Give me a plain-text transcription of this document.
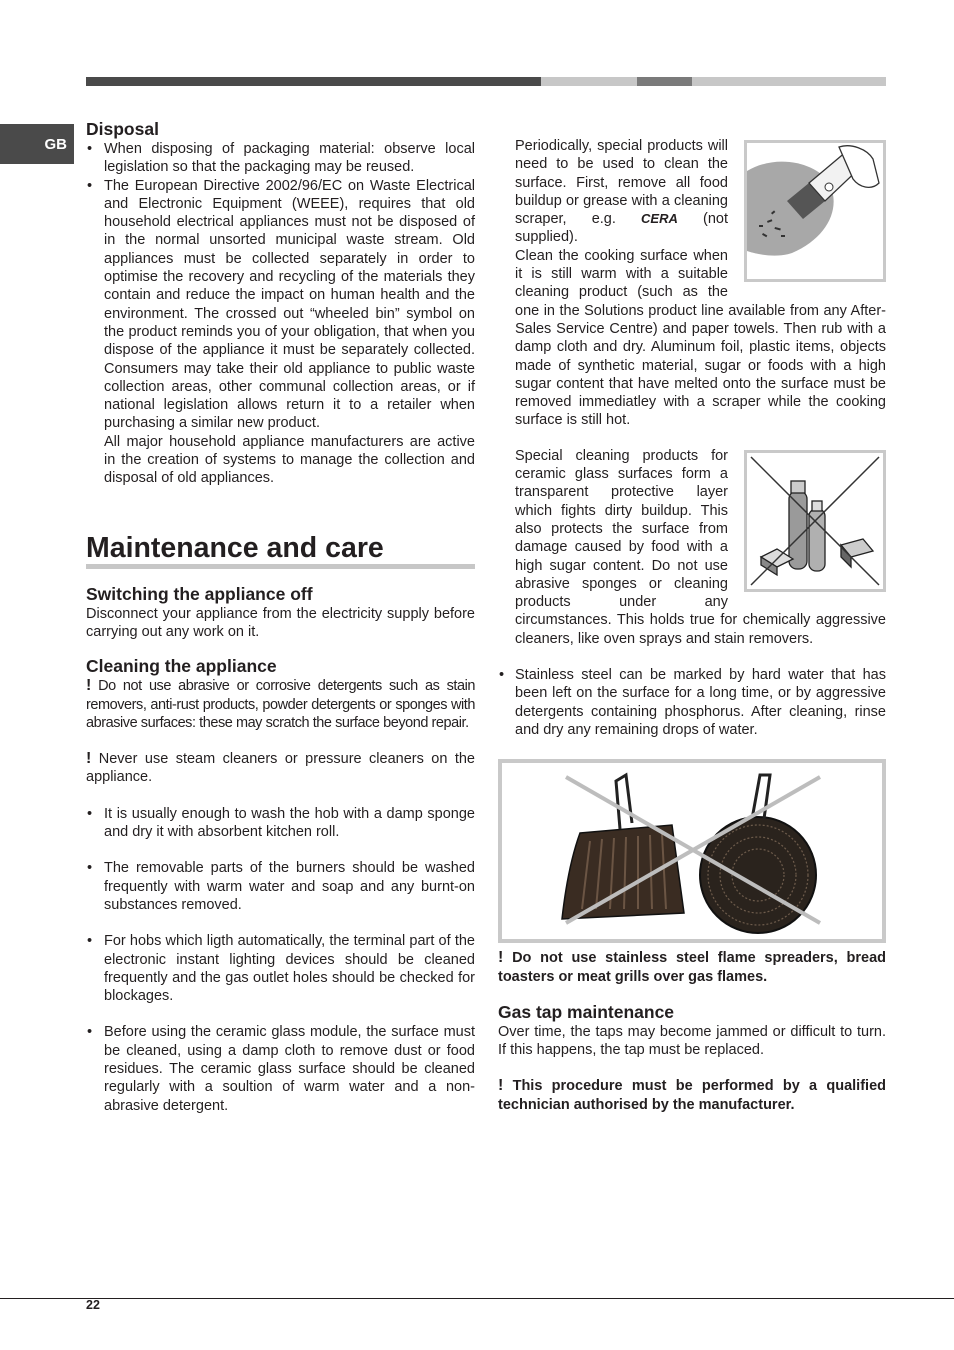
GB
Disposal
• When disposing of packaging material: observe local legislation so that the packaging may be reused.
• The European Directive 2002/96/EC on Waste Electrical and Electronic Equipment (WEEE), requires that old household electrical appliances must not be disposed of in the normal unsorted municipal waste stream. Old appliances must be collected separately in order to optimise the recovery and recycling of the materials they contain and reduce the impact on human health and the environment. The crossed out “wheeled bin” symbol on the product reminds you of your obligation, that when you dispose of the appliance it must be separately collected. Consumers may take their old appliance to public waste collection areas, other communal collection areas, or if national legislation allows return it to a retailer when purchasing a similar new product.

All major household appliance manufacturers are active in the creation of systems to manage the collection and disposal of old appliances.

Maintenance and care
Switching the appliance off

Disconnect your appliance from the electricity supply before carrying out any work on it.

Cleaning the appliance

! Do not use abrasive or corrosive detergents such as stain removers, anti-rust products, powder detergents or sponges with abrasive surfaces: these may scratch the surface beyond repair.

! Never use steam cleaners or pressure cleaners on the appliance.

• It is usually enough to wash the hob with a damp sponge and dry it with absorbent kitchen roll.
• The removable parts of the burners should be washed frequently with warm water and soap and any burnt-on substances removed.
• For hobs which ligth automatically, the terminal part of the electronic instant lighting devices should be cleaned frequently and the gas outlet holes should be checked for blockages.
• Before using the ceramic glass module, the surface must be cleaned, using a damp cloth to remove dust or food residues. The ceramic glass surface should be cleaned regularly with a soultion of warm water and a non-abrasive detergent.

Periodically, special products will need to be used to clean the surface. First, remove all food buildup or grease with a cleaning scraper, e.g. CERA (not supplied).

Clean the cooking surface when it is still warm with a suitable cleaning product (such as the one in the Solutions product line available from any After-Sales Service Centre) and paper towels. Then rub with a damp cloth and dry. Aluminum foil, plastic items, objects made of synthetic material, sugar or foods with a high sugar content that have melted onto the surface must be removed immediatley with a scraper while the cooking surface is still hot.

Special cleaning products for ceramic glass surfaces form a transparent protective layer which fights dirty buildup. This also protects the surface from damage caused by food with a high sugar content. Do not use abrasive sponges or cleaning products under any circumstances. This holds true for chemically aggressive cleaners, like oven sprays and stain removers.

• Stainless steel can be marked by hard water that has been left on the surface for a long time, or by aggressive detergents containing phosphorus. After cleaning, rinse and dry any remaining drops of water.

! Do not use stainless steel flame spreaders, bread toasters or meat grills over gas flames.

Gas tap maintenance

Over time, the taps may become jammed or difficult to turn. If this happens, the tap must be replaced.

! This procedure must be performed by a qualified technician authorised by the manufacturer.

22
